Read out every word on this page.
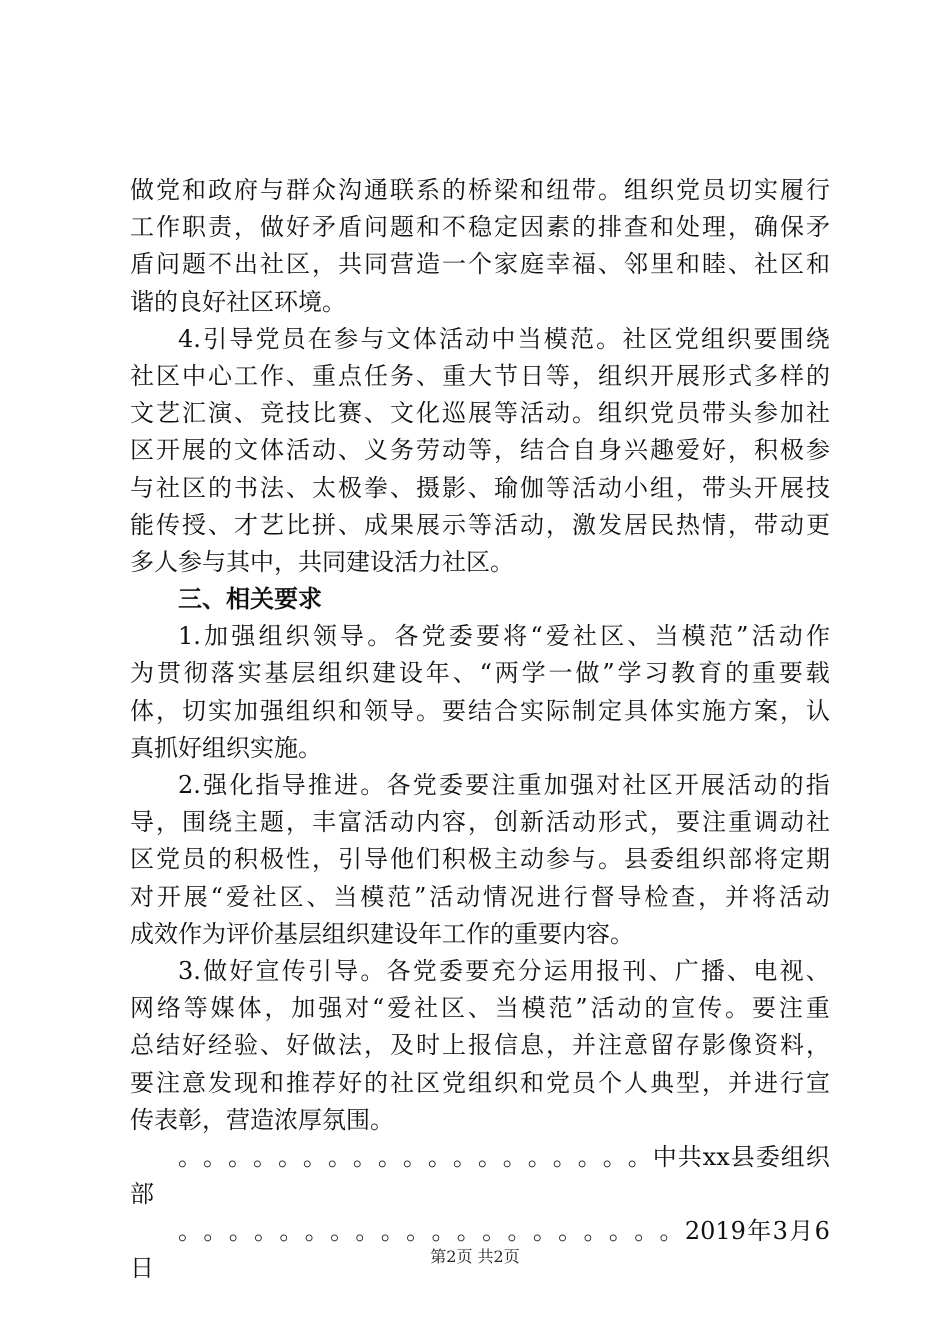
做 党 和 政 府 与 群 众 沟 通 联 系 的 桥 梁 和 纽 带 。 组 织 党 员 切 实 履 行
工 作 职 责 ， 做 好 矛 盾 问 题 和 不 稳 定 因 素 的 排 查 和 处 理 ， 确 保 矛
盾 问 题 不 出 社 区 ， 共 同 营 造 一 个 家 庭 幸 福 、 邻 里 和 睦 、 社 区 和
谐的良好社区环境。
4. 引 导 党 员 在 参 与 文 体 活 动 中 当 模 范 。 社 区 党 组 织 要 围 绕
社 区 中 心 工 作 、 重 点 任 务 、 重 大 节 日 等 ， 组 织 开 展 形 式 多 样 的
文 艺 汇 演 、 竞 技 比 赛 、 文 化 巡 展 等 活 动 。 组 织 党 员 带 头 参 加 社
区 开 展 的 文 体 活 动 、 义 务 劳 动 等 ， 结 合 自 身 兴 趣 爱 好 ， 积 极 参
与 社 区 的 书 法 、 太 极 拳 、 摄 影 、 瑜 伽 等 活 动 小 组 ， 带 头 开 展 技
能 传 授 、 才 艺 比 拼 、 成 果 展 示 等 活 动 ， 激 发 居 民 热 情 ， 带 动 更
多人参与其中，共同建设活力社区。
三、相关要求
1. 加 强 组 织 领 导 。 各 党 委 要 将 “ 爱 社 区 、 当 模 范 ” 活 动 作
为 贯 彻 落 实 基 层 组 织 建 设 年 、 “ 两 学 一 做 ” 学 习 教 育 的 重 要 载
体 ， 切 实 加 强 组 织 和 领 导 。 要 结 合 实 际 制 定 具 体 实 施 方 案 ， 认
真抓好组织实施。
2. 强 化 指 导 推 进 。 各 党 委 要 注 重 加 强 对 社 区 开 展 活 动 的 指
导 ， 围 绕 主 题 ， 丰 富 活 动 内 容 ， 创 新 活 动 形 式 ， 要 注 重 调 动 社
区 党 员 的 积 极 性 ， 引 导 他 们 积 极 主 动 参 与 。 县 委 组 织 部 将 定 期
对 开 展 “ 爱 社 区 、 当 模 范 ” 活 动 情 况 进 行 督 导 检 查 ， 并 将 活 动
成效作为评价基层组织建设年工作的重要内容。
3. 做 好 宣 传 引 导 。 各 党 委 要 充 分 运 用 报 刊 、 广 播 、 电 视 、
网 络 等 媒 体 ， 加 强 对 “ 爱 社 区 、 当 模 范 ” 活 动 的 宣 传 。 要 注 重
总 结 好 经 验 、 好 做 法 ， 及 时 上 报 信 息 ， 并 注 意 留 存 影 像 资 料 ，
要 注 意 发 现 和 推 荐 好 的 社 区 党 组 织 和 党 员 个 人 典 型 ， 并 进 行 宣
传表彰，营造浓厚氛围。
。 。 。 。 。 。 。 。 。 。 。 。 。 。 。 。 。 。 。 中 共 xx 县 委 组 织
部
。 。 。 。 。 。 。 。 。 。 。 。 。 。 。 。 。 。 。 。 2019 年 3 月 6
日	第2页 共2页
